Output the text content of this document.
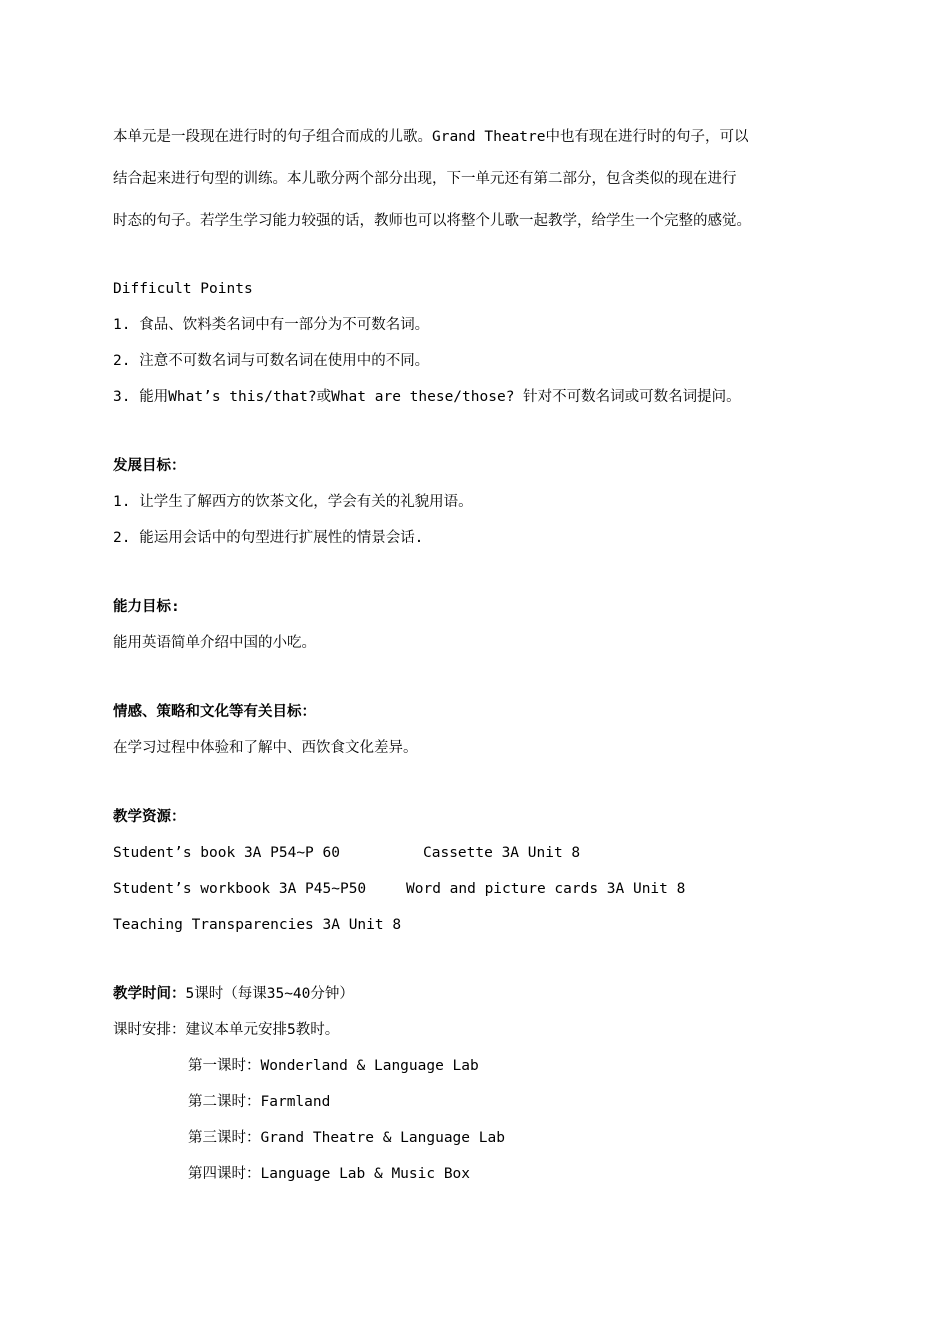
本单元是一段现在进行时的句子组合而成的儿歌。Grand Theatre中也有现在进行时的句子，可以
结合起来进行句型的训练。本儿歌分两个部分出现，下一单元还有第二部分，包含类似的现在进行
时态的句子。若学生学习能力较强的话，教师也可以将整个儿歌一起教学，给学生一个完整的感觉。
Difficult Points
1. 食品、饮料类名词中有一部分为不可数名词。
2. 注意不可数名词与可数名词在使用中的不同。
3. 能用What’s this/that?或What are these/those? 针对不可数名词或可数名词提问。
发展目标：
1. 让学生了解西方的饮茶文化，学会有关的礼貌用语。
2. 能运用会话中的句型进行扩展性的情景会话.
能力目标:
能用英语简单介绍中国的小吃。
情感、策略和文化等有关目标：
在学习过程中体验和了解中、西饮食文化差异。
教学资源：
Student’s book 3A P54~P 60	Cassette 3A Unit 8
Student’s workbook 3A P45~P50	Word and picture cards 3A Unit 8
Teaching Transparencies 3A Unit 8
教学时间：5课时（每课35~40分钟）
课时安排：建议本单元安排5教时。
第一课时：Wonderland & Language Lab
第二课时：Farmland
第三课时：Grand Theatre & Language Lab
第四课时：Language Lab & Music Box
